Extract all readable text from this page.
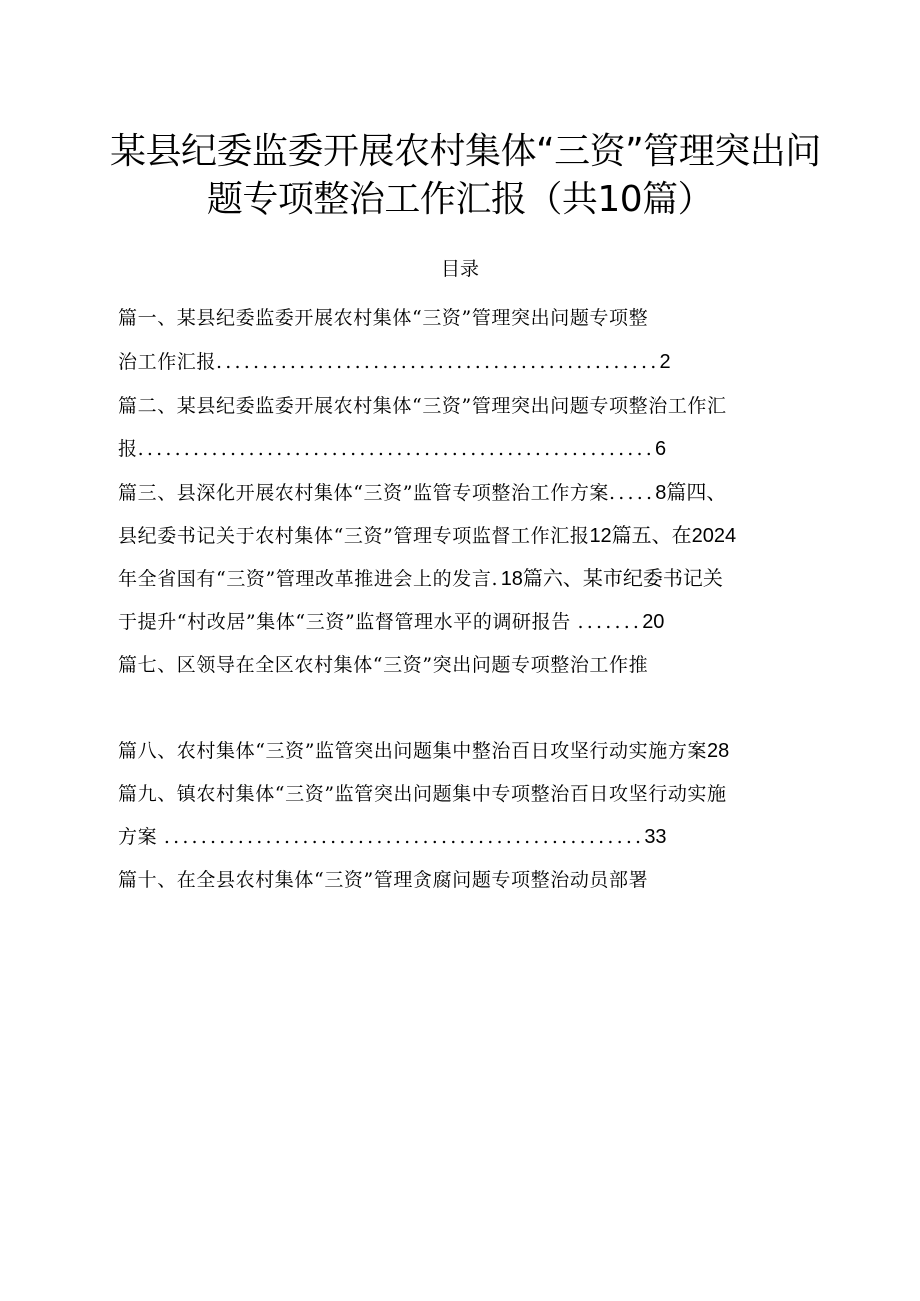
某县纪委监委开展农村集体“三资”管理突出问
题专项整治工作汇报（共10篇）
目录
篇一、某县纪委监委开展农村集体“三资”管理突出问题专项整
治工作汇报................................................2
篇二、某县纪委监委开展农村集体“三资”管理突出问题专项整治工作汇
报........................................................6
篇三、县深化开展农村集体“三资”监管专项整治工作方案.....8篇四、
县纪委书记关于农村集体“三资”管理专项监督工作汇报12篇五、在2024
年全省国有“三资”管理改革推进会上的发言.18篇六、某市纪委书记关
于提升“村改居”集体“三资”监督管理水平的调研报告 .......20
篇七、区领导在全区农村集体“三资”突出问题专项整治工作推
篇八、农村集体“三资”监管突出问题集中整治百日攻坚行动实施方案28
篇九、镇农村集体“三资”监管突出问题集中专项整治百日攻坚行动实施
方案 ....................................................33
篇十、在全县农村集体“三资”管理贪腐问题专项整治动员部署
